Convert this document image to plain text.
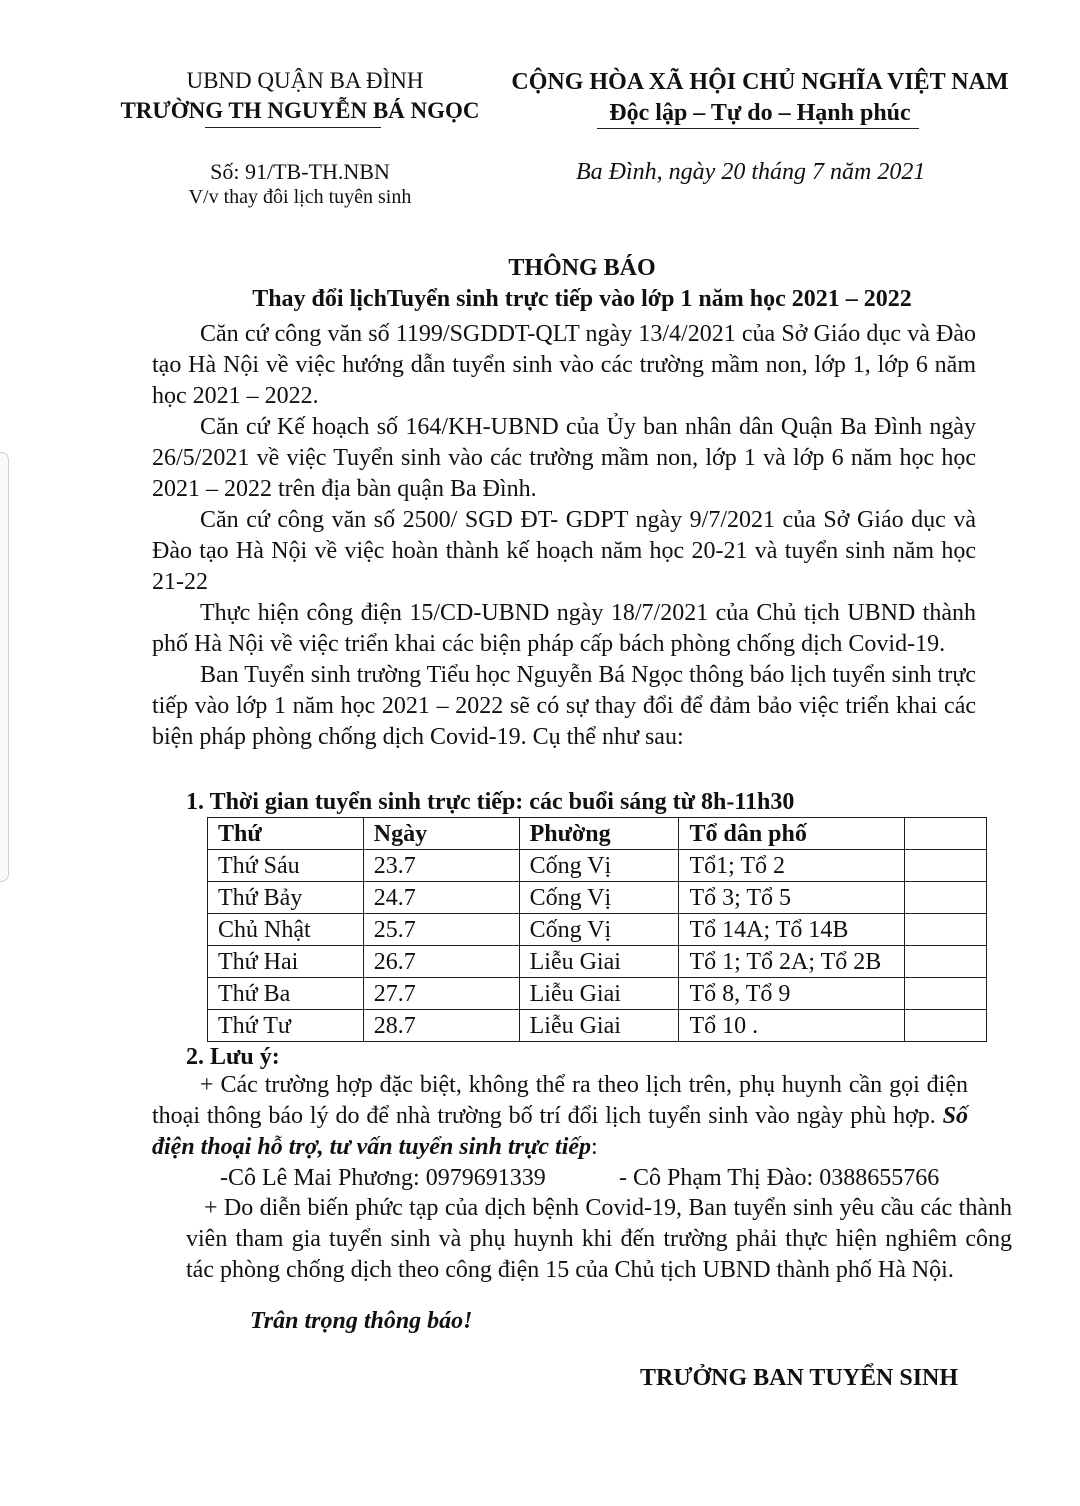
UBND QUẬN BA ĐÌNH
TRƯỜNG TH NGUYỄN BÁ NGỌC
CỘNG HÒA XÃ HỘI CHỦ NGHĨA VIỆT NAM
Độc lập – Tự do – Hạnh phúc
Số: 91/TB-TH.NBN
V/v thay đôi lịch tuyên sinh
Ba Đình, ngày 20 tháng 7 năm 2021
THÔNG BÁO
Thay đổi lịchTuyển sinh trực tiếp vào lớp 1 năm học 2021 – 2022

Căn cứ công văn số 1199/SGDDT-QLT ngày 13/4/2021 của Sở Giáo dục và Đào tạo Hà Nội về việc hướng dẫn tuyển sinh vào các trường mầm non, lớp 1, lớp 6 năm học 2021 – 2022.

Căn cứ Kế hoạch số 164/KH-UBND của Ủy ban nhân dân Quận Ba Đình ngày 26/5/2021 về việc Tuyển sinh vào các trường mầm non, lớp 1 và lớp 6 năm học học 2021 – 2022 trên địa bàn quận Ba Đình.

Căn cứ công văn số 2500/ SGD ĐT- GDPT ngày 9/7/2021 của Sở Giáo dục và Đào tạo Hà Nội về việc hoàn thành kế hoạch năm học 20-21 và tuyển sinh năm học 21-22

Thực hiện công điện 15/CD-UBND ngày 18/7/2021 của Chủ tịch UBND thành phố Hà Nội về việc triển khai các biện pháp cấp bách phòng chống dịch Covid-19.

Ban Tuyển sinh trường Tiểu học Nguyễn Bá Ngọc thông báo lịch tuyển sinh trực tiếp vào lớp 1 năm học 2021 – 2022 sẽ có sự thay đổi để đảm bảo việc triển khai các biện pháp phòng chống dịch Covid-19. Cụ thể như sau:

1. Thời gian tuyển sinh trực tiếp: các buổi sáng từ 8h-11h30
Thứ	Ngày	Phường	Tổ dân phố	
Thứ Sáu	23.7	Cống Vị	Tổ1; Tổ 2	
Thứ Bảy	24.7	Cống Vị	Tổ 3; Tổ 5	
Chủ Nhật	25.7	Cống Vị	Tổ 14A; Tổ 14B	
Thứ Hai	26.7	Liễu Giai	Tổ 1; Tổ 2A; Tổ 2B	
Thứ Ba	27.7	Liễu Giai	Tổ 8, Tổ 9	
Thứ Tư	28.7	Liễu Giai	Tổ 10 .	
2. Lưu ý:

+ Các trường hợp đặc biệt, không thể ra theo lịch trên, phụ huynh cần gọi điện thoại thông báo lý do để nhà trường bố trí đổi lịch tuyển sinh vào ngày phù hợp. Số điện thoại hỗ trợ, tư vấn tuyển sinh trực tiếp:

-Cô Lê Mai Phương: 0979691339	- Cô Phạm Thị Đào: 0388655766

+ Do diễn biến phức tạp của dịch bệnh Covid-19, Ban tuyển sinh yêu cầu các thành viên tham gia tuyển sinh và phụ huynh khi đến trường phải thực hiện nghiêm công tác phòng chống dịch theo công điện 15 của Chủ tịch UBND thành phố Hà Nội.

Trân trọng thông báo!
TRƯỞNG BAN TUYỂN SINH
